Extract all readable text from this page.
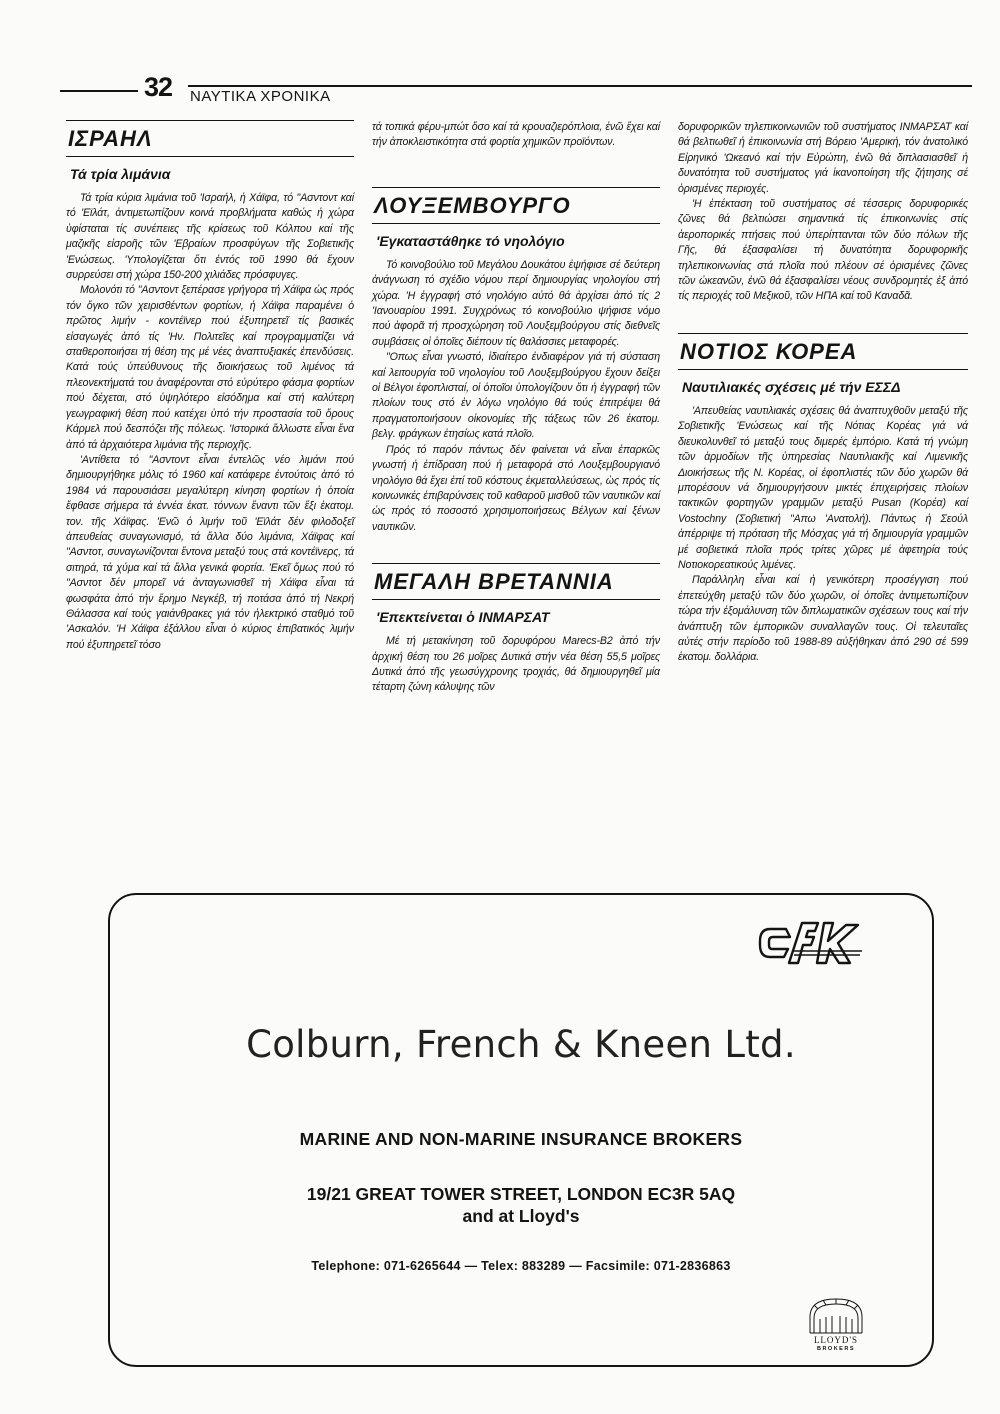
32 ΝΑΥΤΙΚΑ ΧΡΟΝΙΚΑ
ΙΣΡΑΗΛ
Τά τρία λιμάνια

Τά τρία κύρια λιμάνια τοῦ 'Ισραήλ, ἡ Χάϊφα, τό "Ασντοντ καί τό 'Εϊλάτ, ἀντιμετωπίζουν κοινά προβλήματα καθώς ἡ χώρα ὑφίσταται τίς συνέπειες τῆς κρίσεως τοῦ Κόλπου καί τῆς μαζικῆς εἰσροῆς τῶν 'Εβραίων προσφύγων τῆς Σοβιετικῆς 'Ενώσεως. 'Υπολογίζεται ὅτι ἐντός τοῦ 1990 θά ἔχουν συρρεύσει στή χώρα 150-200 χιλιάδες πρόσφυγες.

Μολονότι τό "Ασντοντ ξεπέρασε γρήγορα τή Χάϊφα ὡς πρός τόν ὄγκο τῶν χειρισθέντων φορτίων, ἡ Χάϊφα παραμένει ὁ πρῶτος λιμήν - κοντέϊνερ πού ἐξυπηρετεῖ τίς βασικές εἰσαγωγές ἀπό τίς 'Ην. Πολιτεῖες καί προγραμματίζει νά σταθεροποιήσει τή θέση της μέ νέες ἀναπτυξιακές ἐπενδύσεις. Κατά τούς ὑπεύθυνους τῆς διοικήσεως τοῦ λιμένος τά πλεονεκτήματά του ἀναφέρονται στό εὐρύτερο φάσμα φορτίων πού δέχεται, στό ὑψηλότερο εἰσόδημα καί στή καλύτερη γεωγραφική θέση πού κατέχει ὑπό τήν προστασία τοῦ ὄρους Κάρμελ πού δεσπόζει τῆς πόλεως. 'Ιστορικά ἄλλωστε εἶναι ἕνα ἀπό τά ἀρχαιότερα λιμάνια τῆς περιοχῆς.

'Αντίθετα τό "Ασντοντ εἶναι ἐντελῶς νέο λιμάνι πού δημιουργήθηκε μόλις τό 1960 καί κατάφερε ἐντούτοις ἀπό τό 1984 νά παρουσιάσει μεγαλύτερη κίνηση φορτίων ἡ ὁποία ἔφθασε σήμερα τά ἐννέα ἑκατ. τόννων ἔναντι τῶν ἕξι ἑκατομ. τον. τῆς Χάϊφας. 'Ενῶ ὁ λιμήν τοῦ 'Εϊλάτ δέν φιλοδοξεῖ ἀπευθείας συναγωνισμό, τά ἄλλα δύο λιμάνια, Χάϊφας καί "Ασντοτ, συναγωνίζονται ἔντονα μεταξύ τους στά κοντέϊνερς, τά σιτηρά, τά χύμα καί τά ἄλλα γενικά φορτία. 'Εκεῖ ὅμως πού τό "Ασντοτ δέν μπορεῖ νά ἀνταγωνισθεῖ τή Χάϊφα εἶναι τά φωσφάτα ἀπό τήν ἔρημο Νεγκέβ, τή ποτάσα ἀπό τή Νεκρή Θάλασσα καί τούς γαιάνθρακες γιά τόν ἠλεκτρικό σταθμό τοῦ 'Ασκαλόν. 'Η Χάϊφα ἐξάλλου εἶναι ὁ κύριος ἐπιβατικός λιμήν πού ἐξυπηρετεῖ τόσο

τά τοπικά φέρυ-μπώτ ὅσο καί τά κρουαζιερόπλοια, ἐνῶ ἔχει καί τήν ἀποκλειστικότητα στά φορτία χημικῶν προϊόντων.

ΛΟΥΞΕΜΒΟΥΡΓΟ
'Εγκαταστάθηκε τό νηολόγιο

Τό κοινοβούλιο τοῦ Μεγάλου Δουκάτου ἐψήφισε σέ δεύτερη ἀνάγνωση τό σχέδιο νόμου περί δημιουργίας νηολογίου στή χώρα. 'Η ἐγγραφή στό νηολόγιο αὐτό θά ἀρχίσει ἀπό τίς 2 'Ιανουαρίου 1991. Συγχρόνως τό κοινοβούλιο ψήφισε νόμο πού ἀφορᾶ τή προσχώρηση τοῦ Λουξεμβούργου στίς διεθνεῖς συμβάσεις οἱ ὁποῖες διέπουν τίς θαλάσσιες μεταφορές.

"Οπως εἶναι γνωστό, ἰδιαίτερο ἐνδιαφέρον γιά τή σύσταση καί λειτουργία τοῦ νηολογίου τοῦ Λουξεμβούργου ἔχουν δείξει οἱ Βέλγοι ἐφοπλισταί, οἱ ὁποῖοι ὑπολογίζουν ὅτι ἡ ἐγγραφή τῶν πλοίων τους στό ἐν λόγω νηολόγιο θά τούς ἐπιτρέψει θά πραγματοποιήσουν οἰκονομίες τῆς τάξεως τῶν 26 ἑκατομ. βελγ. φράγκων ἐτησίως κατά πλοῖο.

Πρός τό παρόν πάντως δέν φαίνεται νά εἶναι ἐπαρκῶς γνωστή ἡ ἐπίδραση πού ἡ μεταφορά στό Λουξεμβουργιανό νηολόγιο θά ἔχει ἐπί τοῦ κόστους ἐκμεταλλεύσεως, ὡς πρός τίς κοινωνικές ἐπιβαρύνσεις τοῦ καθαροῦ μισθοῦ τῶν ναυτικῶν καί ὡς πρός τό ποσοστό χρησιμοποιήσεως Βέλγων καί ξένων ναυτικῶν.

ΜΕΓΑΛΗ ΒΡΕΤΑΝΝΙΑ
'Επεκτείνεται ὁ ΙΝΜΑΡΣΑΤ

Μέ τή μετακίνηση τοῦ δορυφόρου Marecs-B2 ἀπό τήν ἀρχική θέση του 26 μοῖρες Δυτικά στήν νέα θέση 55,5 μοῖρες Δυτικά ἀπό τῆς γεωσύγχρονης τροχιάς, θά δημιουργηθεῖ μία τέταρτη ζώνη κάλυψης τῶν

δορυφορικῶν τηλεπικοινωνιῶν τοῦ συστήματος ΙΝΜΑΡΣΑΤ καί θά βελτιωθεῖ ἡ ἐπικοινωνία στή Βόρειο 'Αμερική, τόν ἀνατολικό Εἰρηνικό 'Ωκεανό καί τήν Εὐρώπη, ἐνῶ θά διπλασιασθεῖ ἡ δυνατότητα τοῦ συστήματος γιά ἱκανοποίηση τῆς ζήτησης σέ ὁρισμένες περιοχές.

'Η ἐπέκταση τοῦ συστήματος σέ τέσσερις δορυφορικές ζῶνες θά βελτιώσει σημαντικά τίς ἐπικοινωνίες στίς ἀεροπορικές πτήσεις πού ὑπερίπτανται τῶν δύο πόλων τῆς Γῆς, θά ἐξασφαλίσει τή δυνατότητα δορυφορικῆς τηλεπικοινωνίας στά πλοῖα πού πλέουν σέ ὁρισμένες ζῶνες τῶν ὠκεανῶν, ἐνῶ θά ἐξασφαλίσει νέους συνδρομητές ἐξ ἀπό τίς περιοχές τοῦ Μεξικοῦ, τῶν ΗΠΑ καί τοῦ Καναδᾶ.

ΝΟΤΙΟΣ ΚΟΡΕΑ
Ναυτιλιακές σχέσεις μέ τήν ΕΣΣΔ

'Απευθείας ναυτιλιακές σχέσεις θά ἀναπτυχθοῦν μεταξύ τῆς Σοβιετικῆς 'Ενώσεως καί τῆς Νότιας Κορέας γιά νά διευκολυνθεῖ τό μεταξύ τους διμερές ἐμπόριο. Κατά τή γνώμη τῶν ἁρμοδίων τῆς ὑπηρεσίας Ναυτιλιακῆς καί Λιμενικῆς Διοικήσεως τῆς Ν. Κορέας, οἱ ἐφοπλιστές τῶν δύο χωρῶν θά μπορέσουν νά δημιουργήσουν μικτές ἐπιχειρήσεις πλοίων τακτικῶν φορτηγῶν γραμμῶν μεταξύ Pusan (Κορέα) καί Vostochny (Σοβιετική "Απω 'Ανατολή). Πάντως ἡ Σεούλ ἀπέρριψε τή πρόταση τῆς Μόσχας γιά τή δημιουργία γραμμῶν μέ σοβιετικά πλοῖα πρός τρίτες χῶρες μέ ἀφετηρία τούς Νοτιοκορεατικούς λιμένες.

Παράλληλη εἶναι καί ἡ γενικότερη προσέγγιση πού ἐπετεύχθη μεταξύ τῶν δύο χωρῶν, οἱ ὁποῖες ἀντιμετωπίζουν τώρα τήν ἐξομάλυνση τῶν διπλωματικῶν σχέσεων τους καί τήν ἀνάπτυξη τῶν ἐμπορικῶν συναλλαγῶν τους. Οἱ τελευταῖες αὐτές στήν περίοδο τοῦ 1988-89 αὐξήθηκαν ἀπό 290 σέ 599 ἑκατομ. δολλάρια.

Colburn, French & Kneen Ltd.
MARINE AND NON-MARINE INSURANCE BROKERS
19/21 GREAT TOWER STREET, LONDON EC3R 5AQ
and at Lloyd's
Telephone: 071-6265644 — Telex: 883289 — Facsimile: 071-2836863
LLOYD'S
BROKERS
